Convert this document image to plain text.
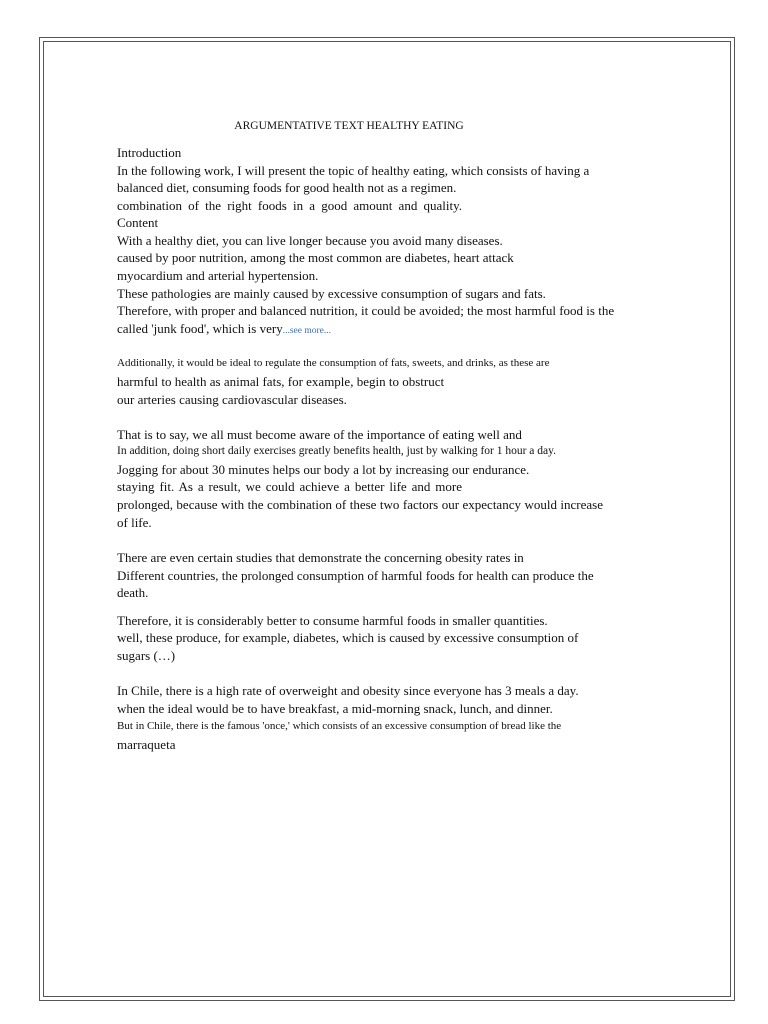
ARGUMENTATIVE TEXT HEALTHY EATING
Introduction
In the following work, I will present the topic of healthy eating, which consists of having a
balanced diet, consuming foods for good health not as a regimen.
combination of the right foods in a good amount and quality.
Content
With a healthy diet, you can live longer because you avoid many diseases.
caused by poor nutrition, among the most common are diabetes, heart attack
myocardium and arterial hypertension.
These pathologies are mainly caused by excessive consumption of sugars and fats.
Therefore, with proper and balanced nutrition, it could be avoided; the most harmful food is the
called 'junk food', which is very...see more...
Additionally, it would be ideal to regulate the consumption of fats, sweets, and drinks, as these are
harmful to health as animal fats, for example, begin to obstruct
our arteries causing cardiovascular diseases.
That is to say, we all must become aware of the importance of eating well and
In addition, doing short daily exercises greatly benefits health, just by walking for 1 hour a day.
Jogging for about 30 minutes helps our body a lot by increasing our endurance.
staying fit. As a result, we could achieve a better life and more
prolonged, because with the combination of these two factors our expectancy would increase
of life.
There are even certain studies that demonstrate the concerning obesity rates in
Different countries, the prolonged consumption of harmful foods for health can produce the
death.
Therefore, it is considerably better to consume harmful foods in smaller quantities.
well, these produce, for example, diabetes, which is caused by excessive consumption of
sugars (…)
In Chile, there is a high rate of overweight and obesity since everyone has 3 meals a day.
when the ideal would be to have breakfast, a mid-morning snack, lunch, and dinner.
But in Chile, there is the famous 'once,' which consists of an excessive consumption of bread like the
marraqueta
